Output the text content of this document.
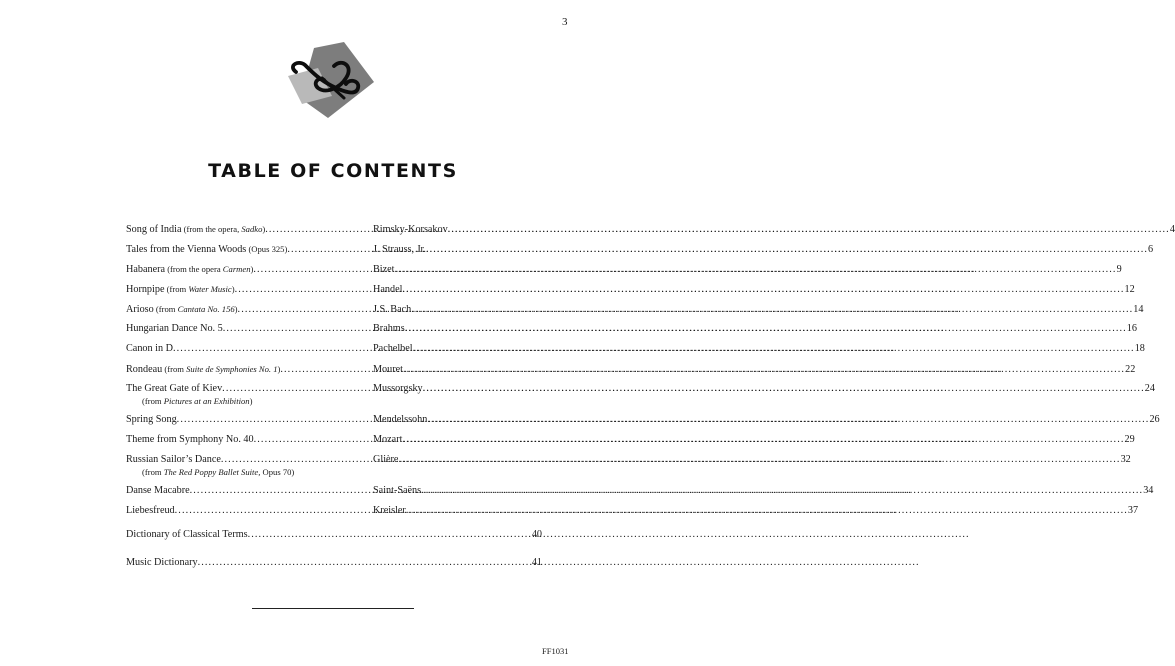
3
TABLE OF CONTENTS
Song of India (from the opera, Sadko) .....	Rimsky-Korsakov .....	4
Tales from the Vienna Woods (Opus 325) .....	J. Strauss, Jr. .....	6
Habanera (from the opera Carmen) .....	Bizet .....	9
Hornpipe (from Water Music) .....	Handel .....	12
Arioso (from Cantata No. 156) .....	J.S. Bach .....	14
Hungarian Dance No. 5 .....	Brahms .....	16
Canon in D .....	Pachelbel .....	18
Rondeau (from Suite de Symphonies No. 1) .....	Mouret .....	22
The Great Gate of Kiev .....	Mussorgsky .....	24
(from Pictures at an Exhibition)
Spring Song .....	Mendelssohn .....	26
Theme from Symphony No. 40 .....	Mozart .....	29
Russian Sailor’s Dance .....	Glière .....	32
(from The Red Poppy Ballet Suite, Opus 70)
Danse Macabre .....	Saint-Saëns .....	34
Liebesfreud .....	Kreisler .....	37
Dictionary of Classical Terms .....	40
Music Dictionary .....	41
FF1031
